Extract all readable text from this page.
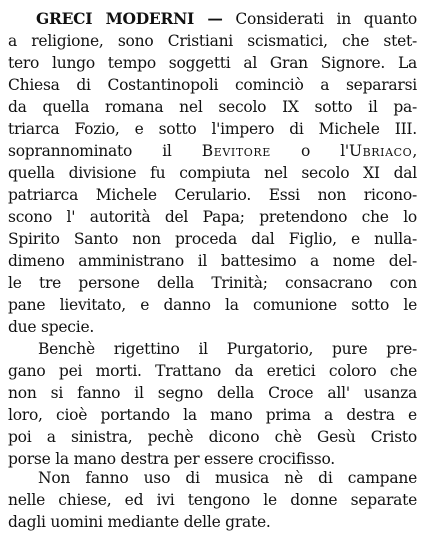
GRECI MODERNI — Considerati in quanto
a religione, sono Cristiani scismatici, che stet-
tero lungo tempo soggetti al Gran Signore. La
Chiesa di Costantinopoli cominciò a separarsi
da quella romana nel secolo IX sotto il pa-
triarca Fozio, e sotto l'impero di Michele III.
soprannominato il Bevitore o l'Ubriaco,
quella divisione fu compiuta nel secolo XI dal
patriarca Michele Cerulario. Essi non ricono-
scono l' autorità del Papa; pretendono che lo
Spirito Santo non proceda dal Figlio, e nulla-
dimeno amministrano il battesimo a nome del-
le tre persone della Trinità; consacrano con
pane lievitato, e danno la comunione sotto le
due specie.
Benchè rigettino il Purgatorio, pure pre-
gano pei morti. Trattano da eretici coloro che
non si fanno il segno della Croce all' usanza
loro, cioè portando la mano prima a destra e
poi a sinistra, pechè dicono chè Gesù Cristo
porse la mano destra per essere crocifisso.
Non fanno uso di musica nè di campane
nelle chiese, ed ivi tengono le donne separate
dagli uomini mediante delle grate.
